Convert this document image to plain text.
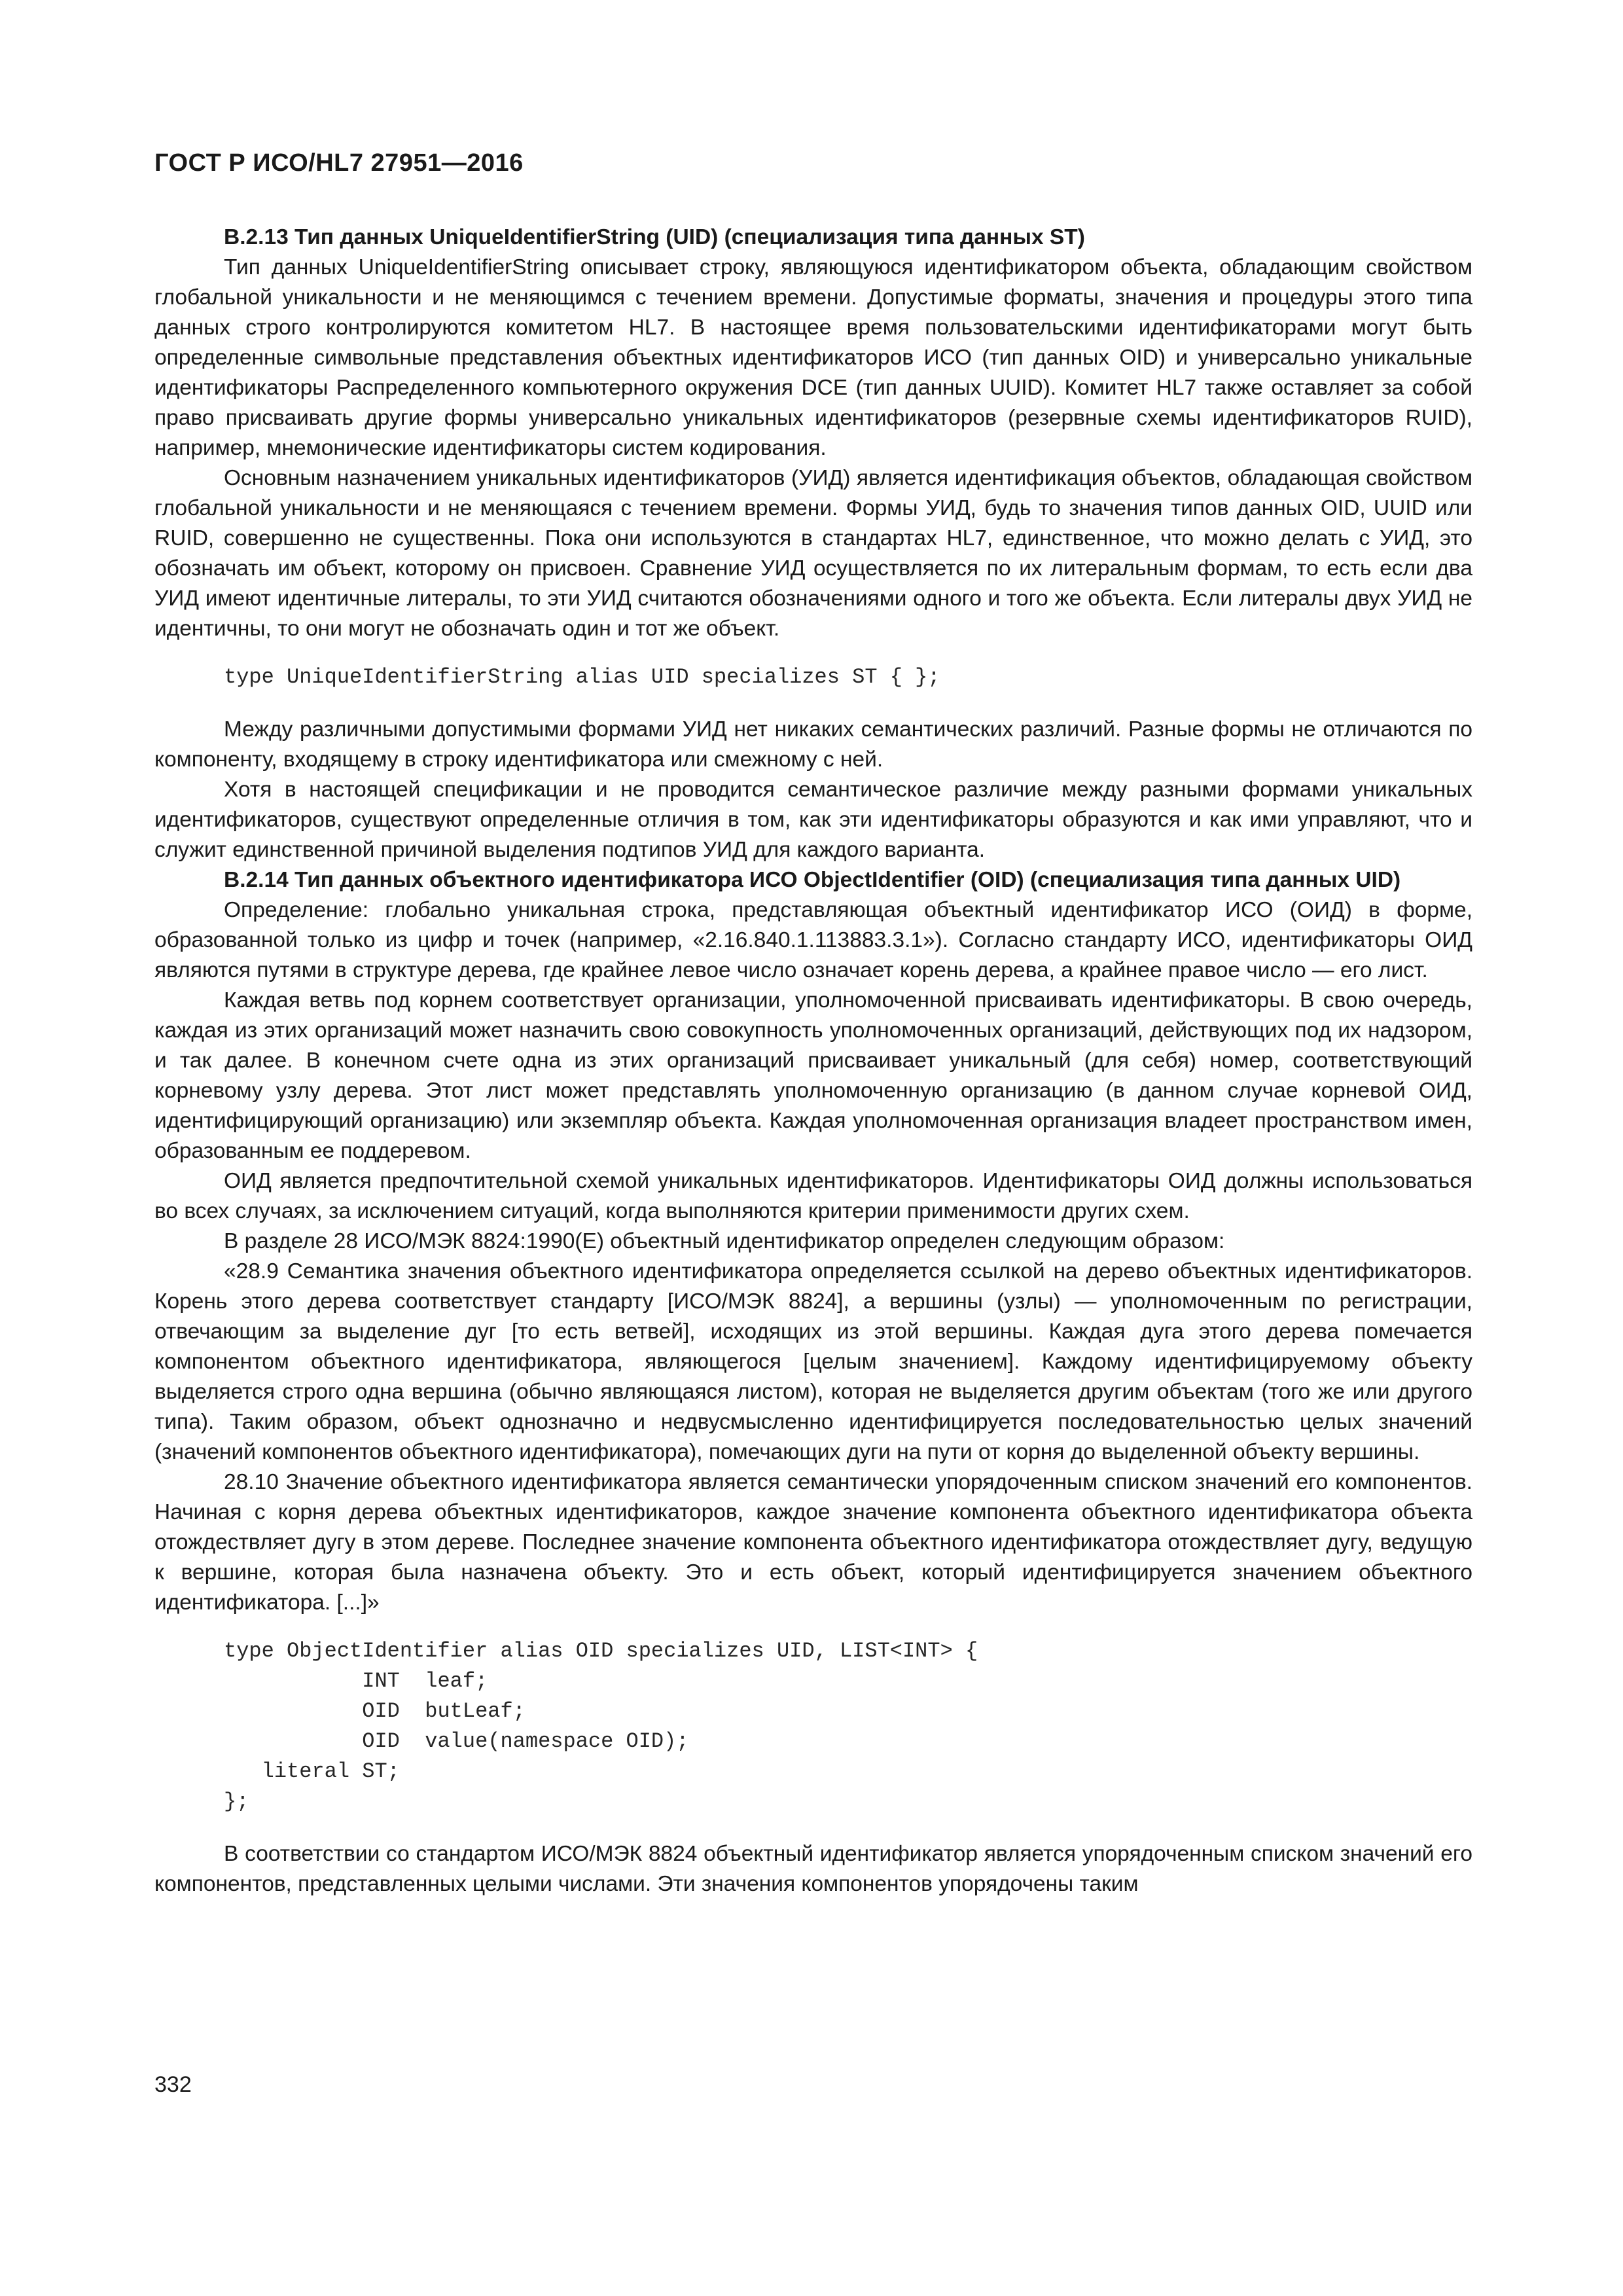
ГОСТ Р ИСО/HL7 27951—2016

В.2.13 Тип данных UniqueIdentifierString (UID) (специализация типа данных ST)

Тип данных UniqueIdentifierString описывает строку, являющуюся идентификатором объекта, обладающим свойством глобальной уникальности и не меняющимся с течением времени. Допустимые форматы, значения и процедуры этого типа данных строго контролируются комитетом HL7. В настоящее время пользовательскими идентификаторами могут быть определенные символьные представления объектных идентификаторов ИСО (тип данных OID) и универсально уникальные идентификаторы Распределенного компьютерного окружения DCE (тип данных UUID). Комитет HL7 также оставляет за собой право присваивать другие формы универсально уникальных идентификаторов (резервные схемы идентификаторов RUID), например, мнемонические идентификаторы систем кодирования.

Основным назначением уникальных идентификаторов (УИД) является идентификация объектов, обладающая свойством глобальной уникальности и не меняющаяся с течением времени. Формы УИД, будь то значения типов данных OID, UUID или RUID, совершенно не существенны. Пока они используются в стандартах HL7, единственное, что можно делать с УИД, это обозначать им объект, которому он присвоен. Сравнение УИД осуществляется по их литеральным формам, то есть если два УИД имеют идентичные литералы, то эти УИД считаются обозначениями одного и того же объекта. Если литералы двух УИД не идентичны, то они могут не обозначать один и тот же объект.

type UniqueIdentifierString alias UID specializes ST { };

Между различными допустимыми формами УИД нет никаких семантических различий. Разные формы не отличаются по компоненту, входящему в строку идентификатора или смежному с ней.

Хотя в настоящей спецификации и не проводится семантическое различие между разными формами уникальных идентификаторов, существуют определенные отличия в том, как эти идентификаторы образуются и как ими управляют, что и служит единственной причиной выделения подтипов УИД для каждого варианта.

В.2.14 Тип данных объектного идентификатора ИСО ObjectIdentifier (OID) (специализация типа данных UID)

Определение: глобально уникальная строка, представляющая объектный идентификатор ИСО (ОИД) в форме, образованной только из цифр и точек (например, «2.16.840.1.113883.3.1»). Согласно стандарту ИСО, идентификаторы ОИД являются путями в структуре дерева, где крайнее левое число означает корень дерева, а крайнее правое число — его лист.

Каждая ветвь под корнем соответствует организации, уполномоченной присваивать идентификаторы. В свою очередь, каждая из этих организаций может назначить свою совокупность уполномоченных организаций, действующих под их надзором, и так далее. В конечном счете одна из этих организаций присваивает уникальный (для себя) номер, соответствующий корневому узлу дерева. Этот лист может представлять уполномоченную организацию (в данном случае корневой ОИД, идентифицирующий организацию) или экземпляр объекта. Каждая уполномоченная организация владеет пространством имен, образованным ее поддеревом.

ОИД является предпочтительной схемой уникальных идентификаторов. Идентификаторы ОИД должны использоваться во всех случаях, за исключением ситуаций, когда выполняются критерии применимости других схем.

В разделе 28 ИСО/МЭК 8824:1990(E) объектный идентификатор определен следующим образом:

«28.9 Семантика значения объектного идентификатора определяется ссылкой на дерево объектных идентификаторов. Корень этого дерева соответствует стандарту [ИСО/МЭК 8824], а вершины (узлы) — уполномоченным по регистрации, отвечающим за выделение дуг [то есть ветвей], исходящих из этой вершины. Каждая дуга этого дерева помечается компонентом объектного идентификатора, являющегося [целым значением]. Каждому идентифицируемому объекту выделяется строго одна вершина (обычно являющаяся листом), которая не выделяется другим объектам (того же или другого типа). Таким образом, объект однозначно и недвусмысленно идентифицируется последовательностью целых значений (значений компонентов объектного идентификатора), помечающих дуги на пути от корня до выделенной объекту вершины.

28.10 Значение объектного идентификатора является семантически упорядоченным списком значений его компонентов. Начиная с корня дерева объектных идентификаторов, каждое значение компонента объектного идентификатора объекта отождествляет дугу в этом дереве. Последнее значение компонента объектного идентификатора отождествляет дугу, ведущую к вершине, которая была назначена объекту. Это и есть объект, который идентифицируется значением объектного идентификатора. [...]»

type ObjectIdentifier alias OID specializes UID, LIST<INT> {
INT  leaf;
OID  butLeaf;
OID  value(namespace OID);
literal ST;
};

В соответствии со стандартом ИСО/МЭК 8824 объектный идентификатор является упорядоченным списком значений его компонентов, представленных целыми числами. Эти значения компонентов упорядочены таким

332
